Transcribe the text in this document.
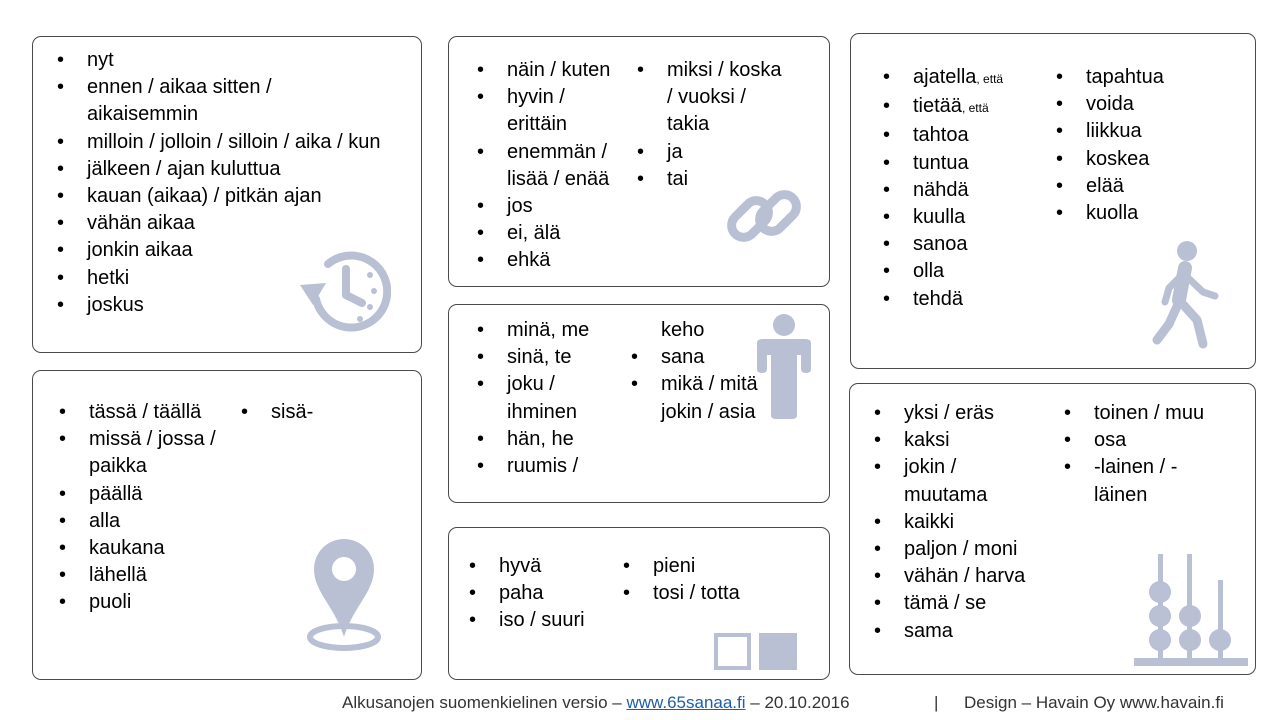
• nyt
• ennen / aikaa sitten /
aikaisemmin
• milloin / jolloin / silloin / aika / kun
• jälkeen / ajan kuluttua
• kauan (aikaa) / pitkän ajan
• vähän aikaa
• jonkin aikaa
• hetki
• joskus
• tässä / täällä
• missä / jossa /
paikka
• päällä
• alla
• kaukana
• lähellä
• puoli
• sisä-
• näin / kuten
• hyvin /
erittäin
• enemmän /
lisää / enää
• jos
• ei, älä
• ehkä
• miksi / koska
/ vuoksi /
takia
• ja
• tai
• minä, me
• sinä, te
• joku /
ihminen
• hän, he
• ruumis /
keho
• sana
• mikä / mitä
jokin / asia
• hyvä
• paha
• iso / suuri
• pieni
• tosi / totta
• ajatella, että
• tietää, että
• tahtoa
• tuntua
• nähdä
• kuulla
• sanoa
• olla
• tehdä
• tapahtua
• voida
• liikkua
• koskea
• elää
• kuolla
• yksi / eräs
• kaksi
• jokin /
muutama
• kaikki
• paljon / moni
• vähän / harva
• tämä / se
• sama
• toinen / muu
• osa
• -lainen / -
läinen
Alkusanojen suomenkielinen versio – www.65sanaa.fi – 20.10.2016	| Design – Havain Oy www.havain.fi
